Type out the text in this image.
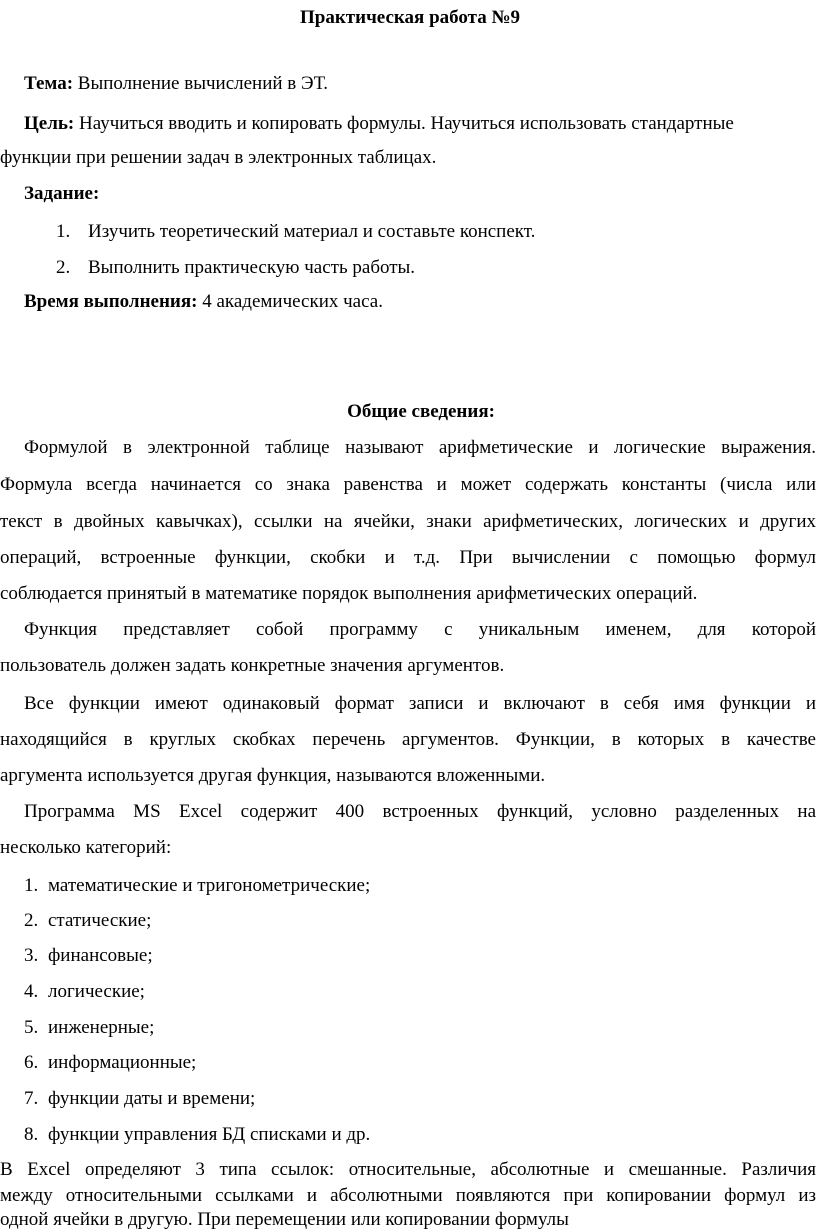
Практическая работа №9
Тема: Выполнение вычислений в ЭТ.
Цель: Научиться вводить и копировать формулы. Научиться использовать стандартные
функции при решении задач в электронных таблицах.
Задание:
1. Изучить теоретический материал и составьте конспект.
2. Выполнить практическую часть работы.
Время выполнения: 4 академических часа.
Общие сведения:
Формулой в электронной таблице называют арифметические и логические выражения.
Формула всегда начинается со знака равенства и может содержать константы (числа или
текст в двойных кавычках), ссылки на ячейки, знаки арифметических, логических и других
операций, встроенные функции, скобки и т.д. При вычислении с помощью формул
соблюдается принятый в математике порядок выполнения арифметических операций.
Функция представляет собой программу с уникальным именем, для которой
пользователь должен задать конкретные значения аргументов.
Все функции имеют одинаковый формат записи и включают в себя имя функции и
находящийся в круглых скобках перечень аргументов. Функции, в которых в качестве
аргумента используется другая функция, называются вложенными.
Программа MS Excel содержит 400 встроенных функций, условно разделенных на
несколько категорий:
1. математические и тригонометрические;
2. статические;
3. финансовые;
4. логические;
5. инженерные;
6. информационные;
7. функции даты и времени;
8. функции управления БД списками и др.
В Excel определяют 3 типа ссылок: относительные, абсолютные и смешанные. Различия
между относительными ссылками и абсолютными появляются при копировании формул из
одной ячейки в другую. При перемещении или копировании формулы
